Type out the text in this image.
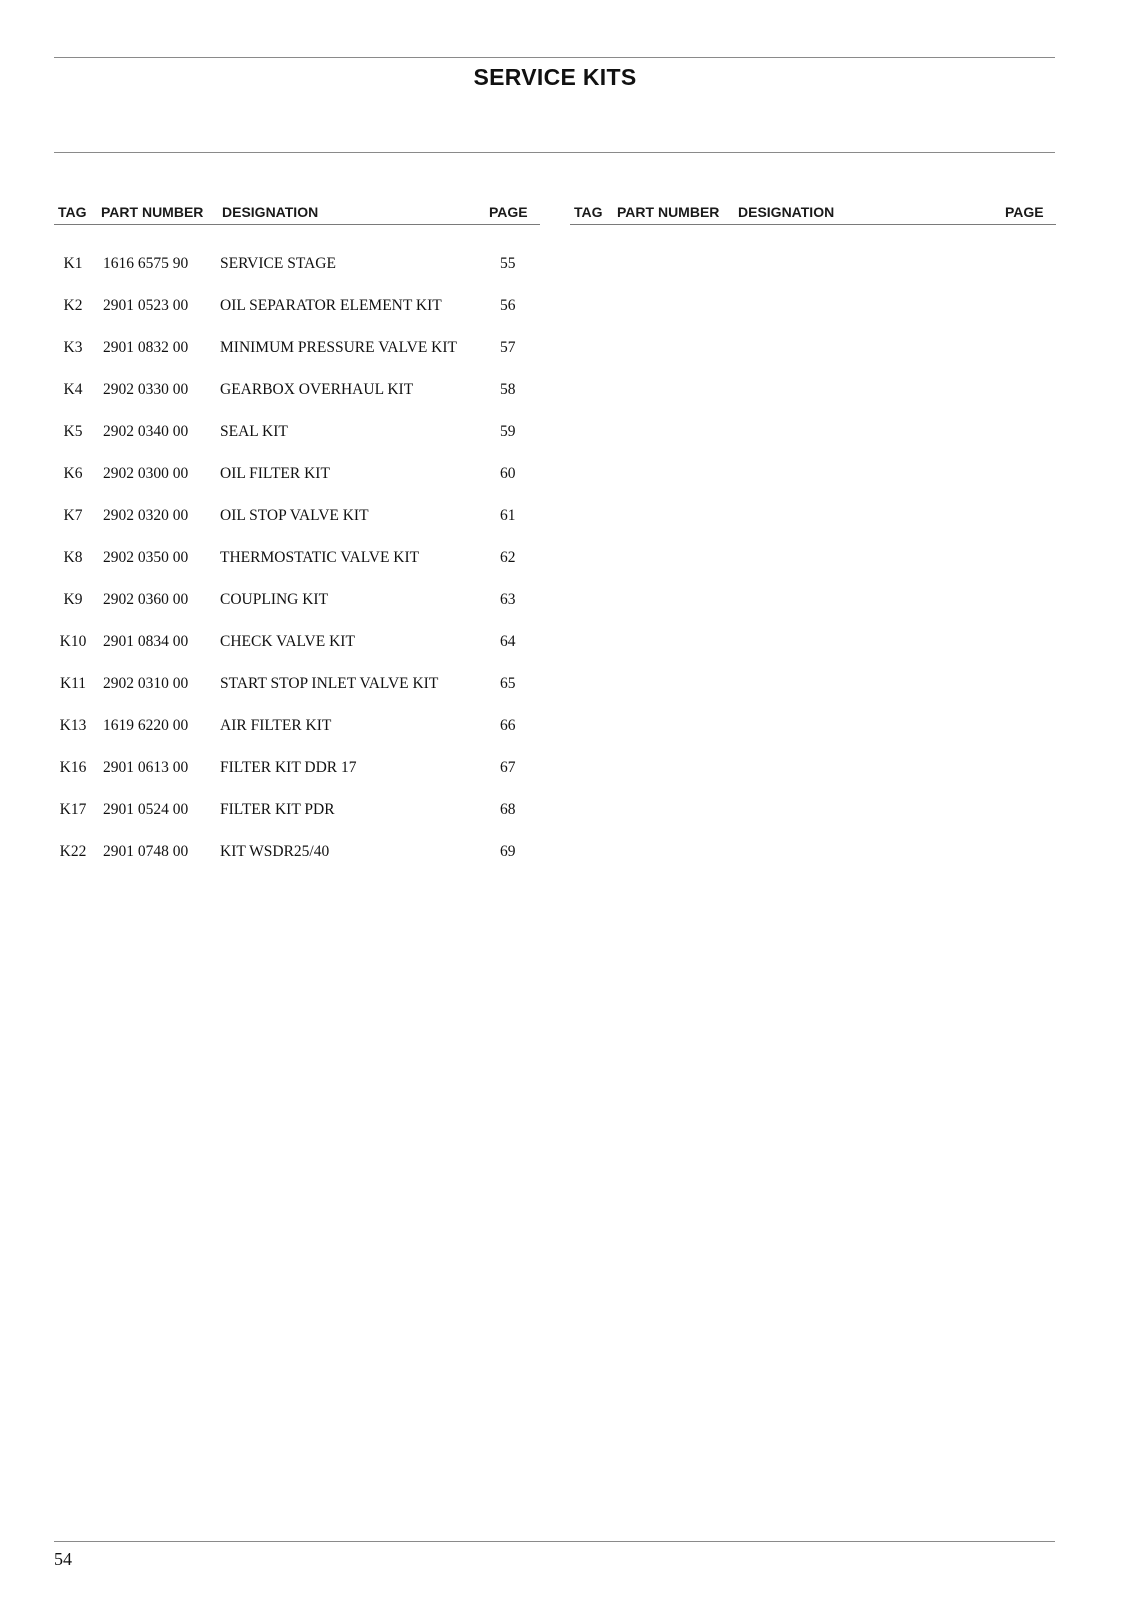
SERVICE KITS
TAG PART NUMBER DESIGNATION	PAGE	TAG PART NUMBER DESIGNATION	PAGE
K1	1616 6575 90 SERVICE STAGE	55
K2	2901 0523 00 OIL SEPARATOR ELEMENT KIT	56
K3	2901 0832 00 MINIMUM PRESSURE VALVE KIT	57
K4	2902 0330 00 GEARBOX OVERHAUL KIT	58
K5	2902 0340 00 SEAL KIT	59
K6	2902 0300 00 OIL FILTER KIT	60
K7	2902 0320 00 OIL STOP VALVE KIT	61
K8	2902 0350 00 THERMOSTATIC VALVE KIT	62
K9	2902 0360 00 COUPLING KIT	63
K10	2901 0834 00 CHECK VALVE KIT	64
K11	2902 0310 00 START STOP INLET VALVE KIT	65
K13	1619 6220 00 AIR FILTER KIT	66
K16	2901 0613 00 FILTER KIT DDR 17	67
K17	2901 0524 00 FILTER KIT PDR	68
K22	2901 0748 00 KIT WSDR25/40	69
54
